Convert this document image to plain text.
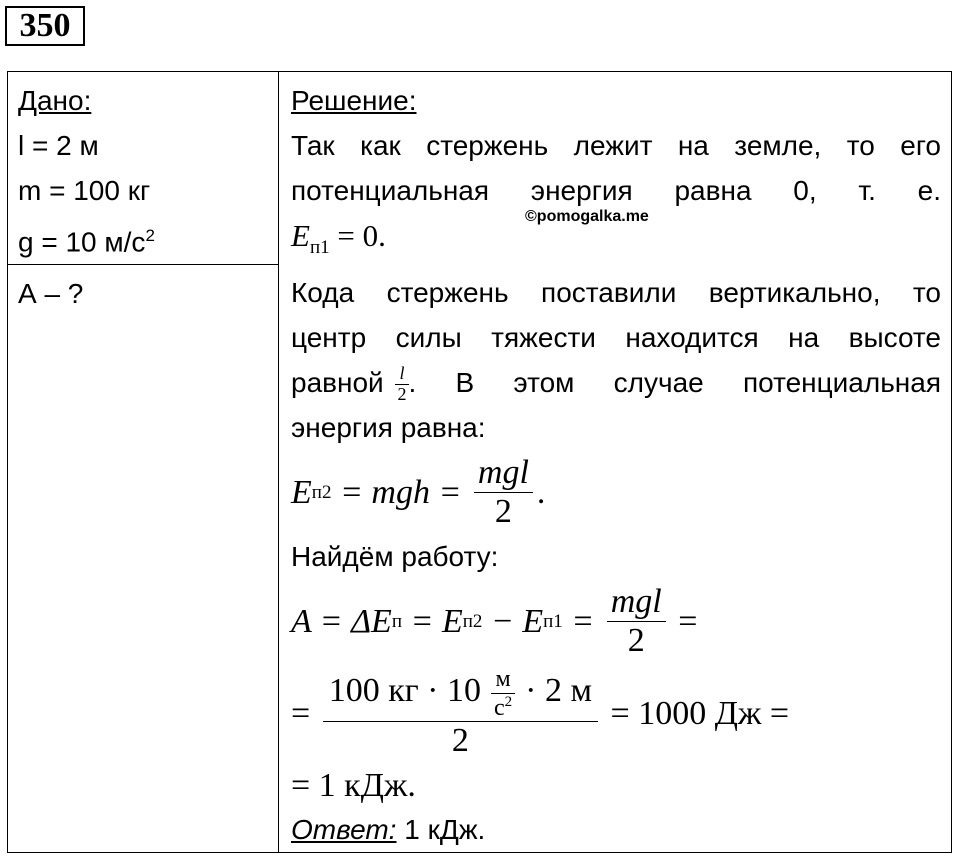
350
Дано:
l = 2 м
m = 100 кг
g = 10 $м/с^2$

Решение:
Так как стержень лежит на земле, то его
потенциальная энергия равна 0, т. е.
$E_{п1} = 0$.
Кода стержень поставили вертикально, то
центр силы тяжести находится на высоте
равной $\frac{l}{2}$ . В этом случае потенциальная
энергия равна:
E п2 = mgh = $\frac{\text{mgl}}{2}$ .
Найдём работу:
A = ΔE п = E п2 − E $п1 = \frac{\text{mgl}}{2}$ =
= $\frac{100 кг \cdot 10 \frac{м}{с^2} \cdot 2 м}{2} = 1000$ Дж =
= 1 кДж.
Ответ: 1 кДж.

А – ?
©pomogalka.me
